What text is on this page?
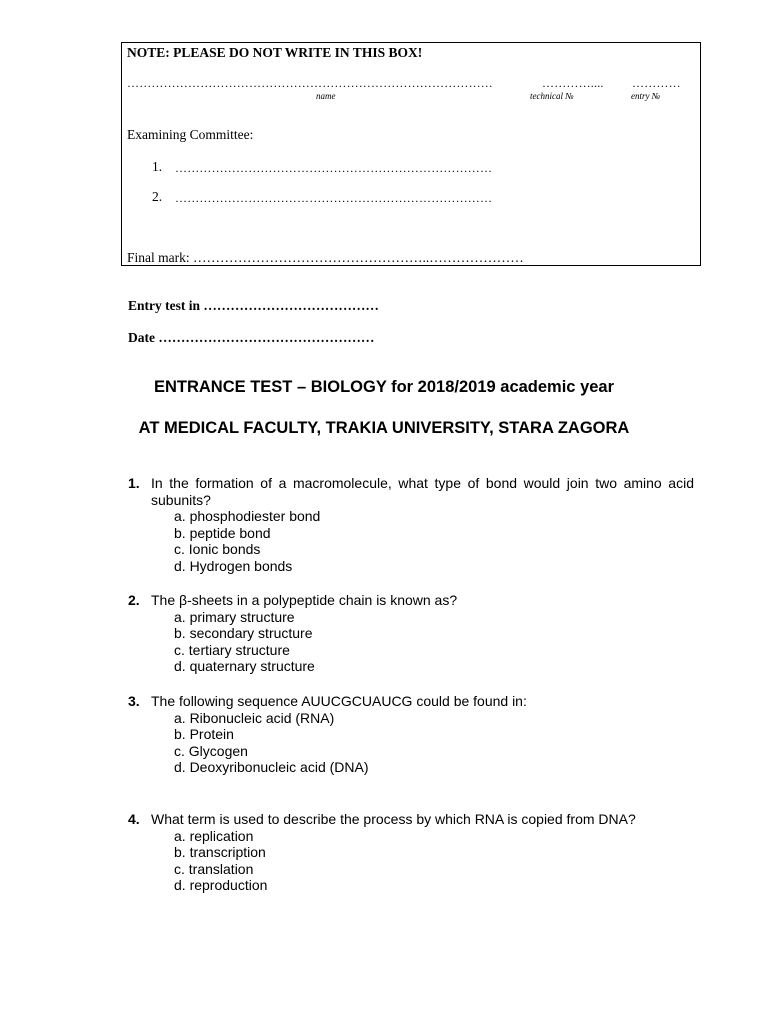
NOTE: PLEASE DO NOT WRITE IN THIS BOX!
………………………………………………………………………………	………….... …………
name	technical №	entry №
Examining Committee:
1. ……………………………………………………………………
2. ……………………………………………………………………
Final mark: ……………………………………………..…………………
Entry test in …………………………………
Date …………………………………………
ENTRANCE TEST – BIOLOGY for 2018/2019 academic year
AT MEDICAL FACULTY, TRAKIA UNIVERSITY, STARA ZAGORA
1. In the formation of a macromolecule, what type of bond would join two amino acid subunits?
a. phosphodiester bond
b. peptide bond
c. Ionic bonds
d. Hydrogen bonds
2. The β-sheets in a polypeptide chain is known as?
a. primary structure
b. secondary structure
c. tertiary structure
d. quaternary structure
3. The following sequence AUUCGCUAUCG could be found in:
a. Ribonucleic acid (RNA)
b. Protein
c. Glycogen
d. Deoxyribonucleic acid (DNA)
4. What term is used to describe the process by which RNA is copied from DNA?
a. replication
b. transcription
c. translation
d. reproduction
